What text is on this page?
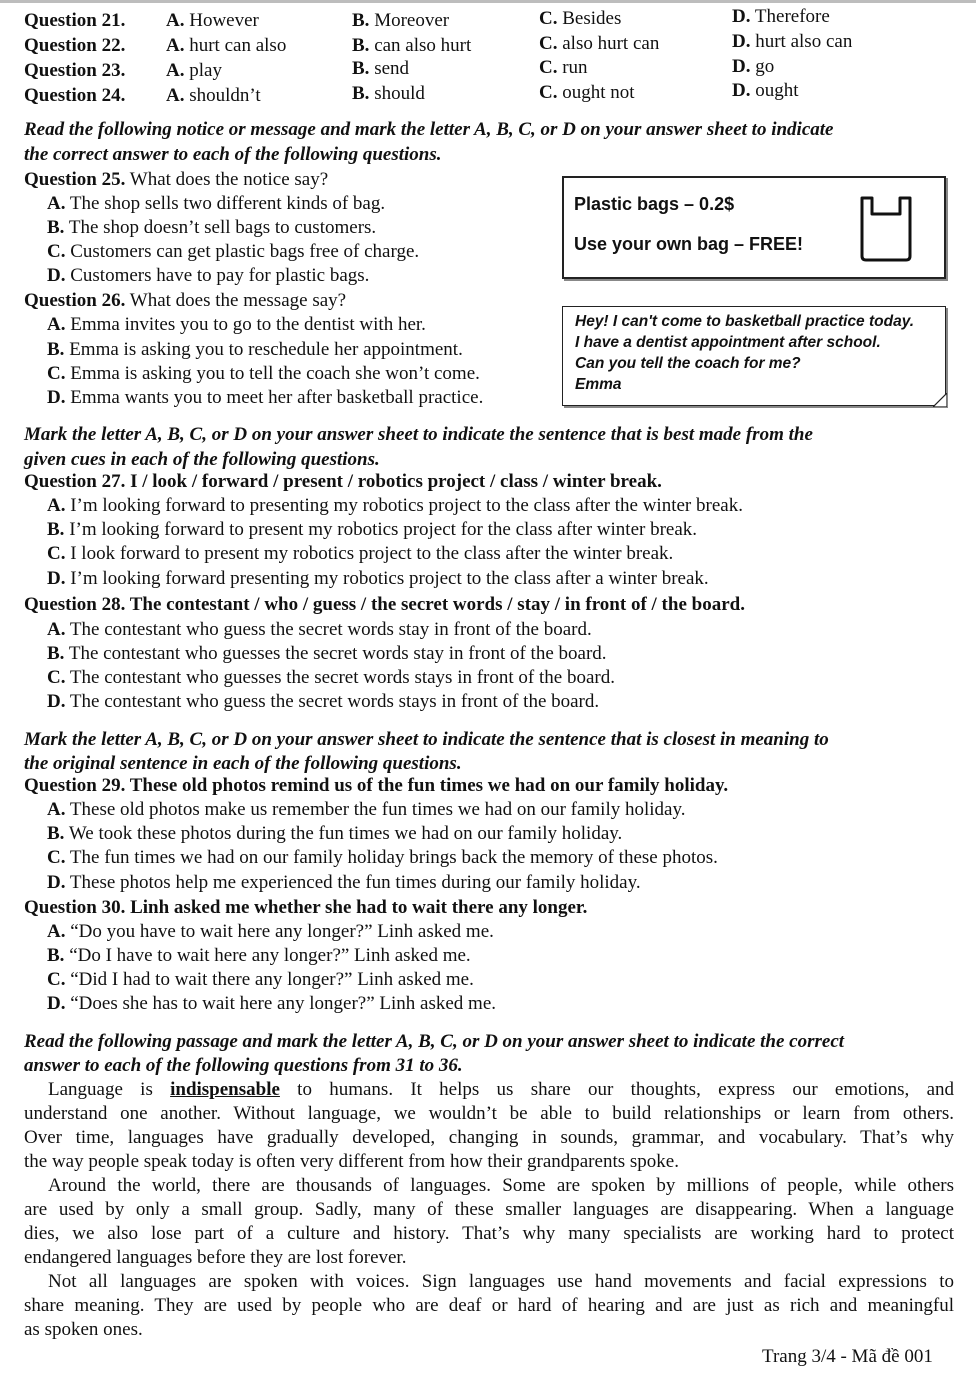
Question 21. A. However	B. Moreover	C. Besides	D. Therefore
Question 22. A. hurt can also	B. can also hurt	C. also hurt can	D. hurt also can
Question 23. A. play	B. send	C. run	D. go
Question 24. A. shouldn’t	B. should	C. ought not	D. ought
Read the following notice or message and mark the letter A, B, C, or D on your answer sheet to indicate
the correct answer to each of the following questions.
Question 25. What does the notice say?
A. The shop sells two different kinds of bag.
B. The shop doesn’t sell bags to customers.
C. Customers can get plastic bags free of charge.
D. Customers have to pay for plastic bags.
Plastic bags – 0.2$
Use your own bag – FREE!
Question 26. What does the message say?
A. Emma invites you to go to the dentist with her.
B. Emma is asking you to reschedule her appointment.
C. Emma is asking you to tell the coach she won’t come.
D. Emma wants you to meet her after basketball practice.
Hey! I can't come to basketball practice today.
I have a dentist appointment after school.
Can you tell the coach for me?
Emma
Mark the letter A, B, C, or D on your answer sheet to indicate the sentence that is best made from the
given cues in each of the following questions.
Question 27. I / look / forward / present / robotics project / class / winter break.
A. I’m looking forward to presenting my robotics project to the class after the winter break.
B. I’m looking forward to present my robotics project for the class after winter break.
C. I look forward to present my robotics project to the class after the winter break.
D. I’m looking forward presenting my robotics project to the class after a winter break.
Question 28. The contestant / who / guess / the secret words / stay / in front of / the board.
A. The contestant who guess the secret words stay in front of the board.
B. The contestant who guesses the secret words stay in front of the board.
C. The contestant who guesses the secret words stays in front of the board.
D. The contestant who guess the secret words stays in front of the board.
Mark the letter A, B, C, or D on your answer sheet to indicate the sentence that is closest in meaning to
the original sentence in each of the following questions.
Question 29. These old photos remind us of the fun times we had on our family holiday.
A. These old photos make us remember the fun times we had on our family holiday.
B. We took these photos during the fun times we had on our family holiday.
C. The fun times we had on our family holiday brings back the memory of these photos.
D. These photos help me experienced the fun times during our family holiday.
Question 30. Linh asked me whether she had to wait there any longer.
A. “Do you have to wait here any longer?” Linh asked me.
B. “Do I have to wait here any longer?” Linh asked me.
C. “Did I had to wait there any longer?” Linh asked me.
D. “Does she has to wait here any longer?” Linh asked me.
Read the following passage and mark the letter A, B, C, or D on your answer sheet to indicate the correct
answer to each of the following questions from 31 to 36.
Language is indispensable to humans. It helps us share our thoughts, express our emotions, and
understand one another. Without language, we wouldn’t be able to build relationships or learn from others.
Over time, languages have gradually developed, changing in sounds, grammar, and vocabulary. That’s why
the way people speak today is often very different from how their grandparents spoke.
Around the world, there are thousands of languages. Some are spoken by millions of people, while others
are used by only a small group. Sadly, many of these smaller languages are disappearing. When a language
dies, we also lose part of a culture and history. That’s why many specialists are working hard to protect
endangered languages before they are lost forever.
Not all languages are spoken with voices. Sign languages use hand movements and facial expressions to
share meaning. They are used by people who are deaf or hard of hearing and are just as rich and meaningful
as spoken ones.
Trang 3/4 - Mã đề 001
